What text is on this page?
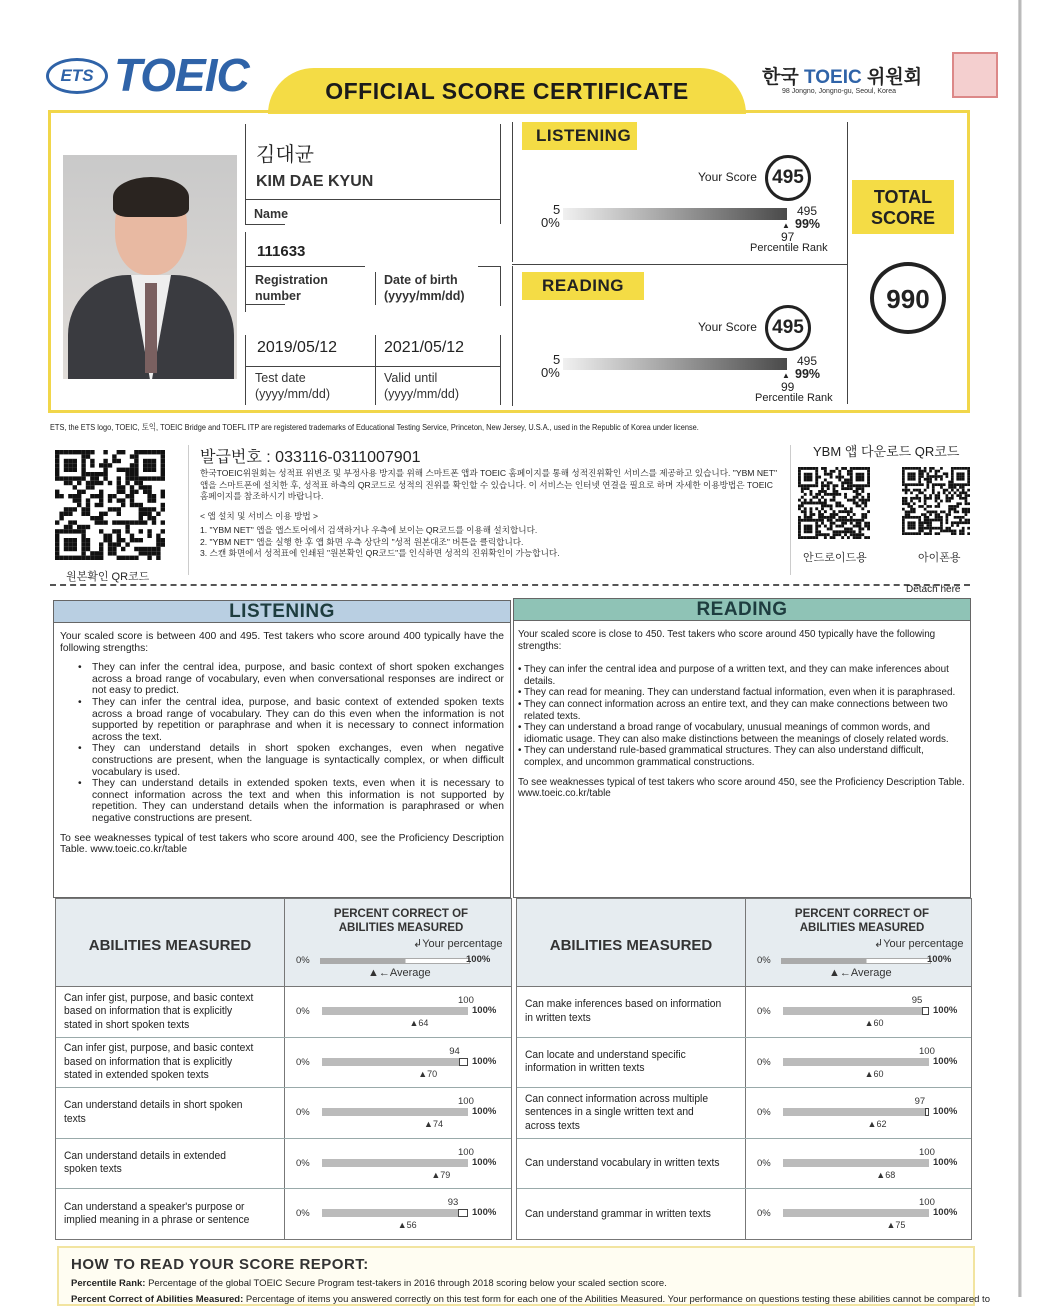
ETS TOEIC	OFFICIAL SCORE CERTIFICATE
한국 TOEIC 위원회
98 Jongno, Jongno-gu, Seoul, Korea
김대균
KIM DAE KYUN
Name
111633
Registration number
Date of birth (yyyy/mm/dd)
2019/05/12	2021/05/12
Test date (yyyy/mm/dd)
Valid until (yyyy/mm/dd)
LISTENING
Your Score 495
5
0%
495
99%
▲
97
Percentile Rank
READING
Your Score 495
5
0%
495
99%
▲
99
Percentile Rank
TOTAL SCORE
990
ETS, the ETS logo, TOEIC, 토익, TOEIC Bridge and TOEFL ITP are registered trademarks of Educational Testing Service, Princeton, New Jersey, U.S.A., used in the Republic of Korea under license.
원본확인 QR코드
발급번호 : 033116-0311007901
한국TOEIC위원회는 성적표 위변조 및 부정사용 방지를 위해 스마트폰 앱과 TOEIC 홈페이지를 통해 성적진위확인 서비스를 제공하고 있습니다. "YBM NET" 앱을 스마트폰에 설치한 후, 성적표 하측의 QR코드로 성적의 진위를 확인할 수 있습니다. 이 서비스는 인터넷 연결을 필요로 하며 자세한 이용방법은 TOEIC 홈페이지를 참조하시기 바랍니다.
< 앱 설치 및 서비스 이용 방법 >
1. "YBM NET" 앱을 앱스토어에서 검색하거나 우측에 보이는 QR코드를 이용해 설치합니다.
2. "YBM NET" 앱을 실행 한 후 앱 화면 우측 상단의 "성적 원본대조" 버튼을 클릭합니다.
3. 스캔 화면에서 성적표에 인쇄된 "원본확인 QR코드"를 인식하면 성적의 진위확인이 가능합니다.
YBM 앱 다운로드 QR코드
안드로이드용	아이폰용
Detach here
LISTENING
Your scaled score is between 400 and 495. Test takers who score around 400 typically have the following strengths:
• They can infer the central idea, purpose, and basic context of short spoken exchanges across a broad range of vocabulary, even when conversational responses are indirect or not easy to predict.
• They can infer the central idea, purpose, and basic context of extended spoken texts across a broad range of vocabulary. They can do this even when the information is not supported by repetition or paraphrase and when it is necessary to connect information across the text.
• They can understand details in short spoken exchanges, even when negative constructions are present, when the language is syntactically complex, or when difficult vocabulary is used.
• They can understand details in extended spoken texts, even when it is necessary to connect information across the text and when this information is not supported by repetition. They can understand details when the information is paraphrased or when negative constructions are present.
To see weaknesses typical of test takers who score around 400, see the Proficiency Description Table. www.toeic.co.kr/table
READING
Your scaled score is close to 450. Test takers who score around 450 typically have the following strengths:
• They can infer the central idea and purpose of a written text, and they can make inferences about details.
• They can read for meaning. They can understand factual information, even when it is paraphrased.
• They can connect information across an entire text, and they can make connections between two related texts.
• They can understand a broad range of vocabulary, unusual meanings of common words, and idiomatic usage. They can also make distinctions between the meanings of closely related words.
• They can understand rule-based grammatical structures. They can also understand difficult, complex, and uncommon grammatical constructions.
To see weaknesses typical of test takers who score around 450, see the Proficiency Description Table. www.toeic.co.kr/table
ABILITIES MEASURED
PERCENT CORRECT OF ABILITIES MEASURED
↲Your percentage
0%	100%
▲←Average
Can infer gist, purpose, and basic context based on information that is explicitly stated in short spoken texts
0%
100
100%
▲64
Can infer gist, purpose, and basic context based on information that is explicitly stated in extended spoken texts
0%
94
100%
▲70
Can understand details in short spoken texts
0%
100
100%
▲74
Can understand details in extended spoken texts
0%
100
100%
▲79
Can understand a speaker's purpose or implied meaning in a phrase or sentence
0%
93
100%
▲56
ABILITIES MEASURED
PERCENT CORRECT OF ABILITIES MEASURED
↲Your percentage
0%	100%
▲←Average
Can make inferences based on information in written texts
0%
95
100%
▲60
Can locate and understand specific information in written texts
0%
100
100%
▲60
Can connect information across multiple sentences in a single written text and across texts
0%
97
100%
▲62
Can understand vocabulary in written texts	0%
100
100%
▲68
Can understand grammar in written texts	0%
100
100%
▲75
HOW TO READ YOUR SCORE REPORT:
Percentile Rank: Percentage of the global TOEIC Secure Program test-takers in 2016 through 2018 scoring below your scaled section score.
Percent Correct of Abilities Measured: Percentage of items you answered correctly on this test form for each one of the Abilities Measured. Your performance on questions testing these abilities cannot be compared to
